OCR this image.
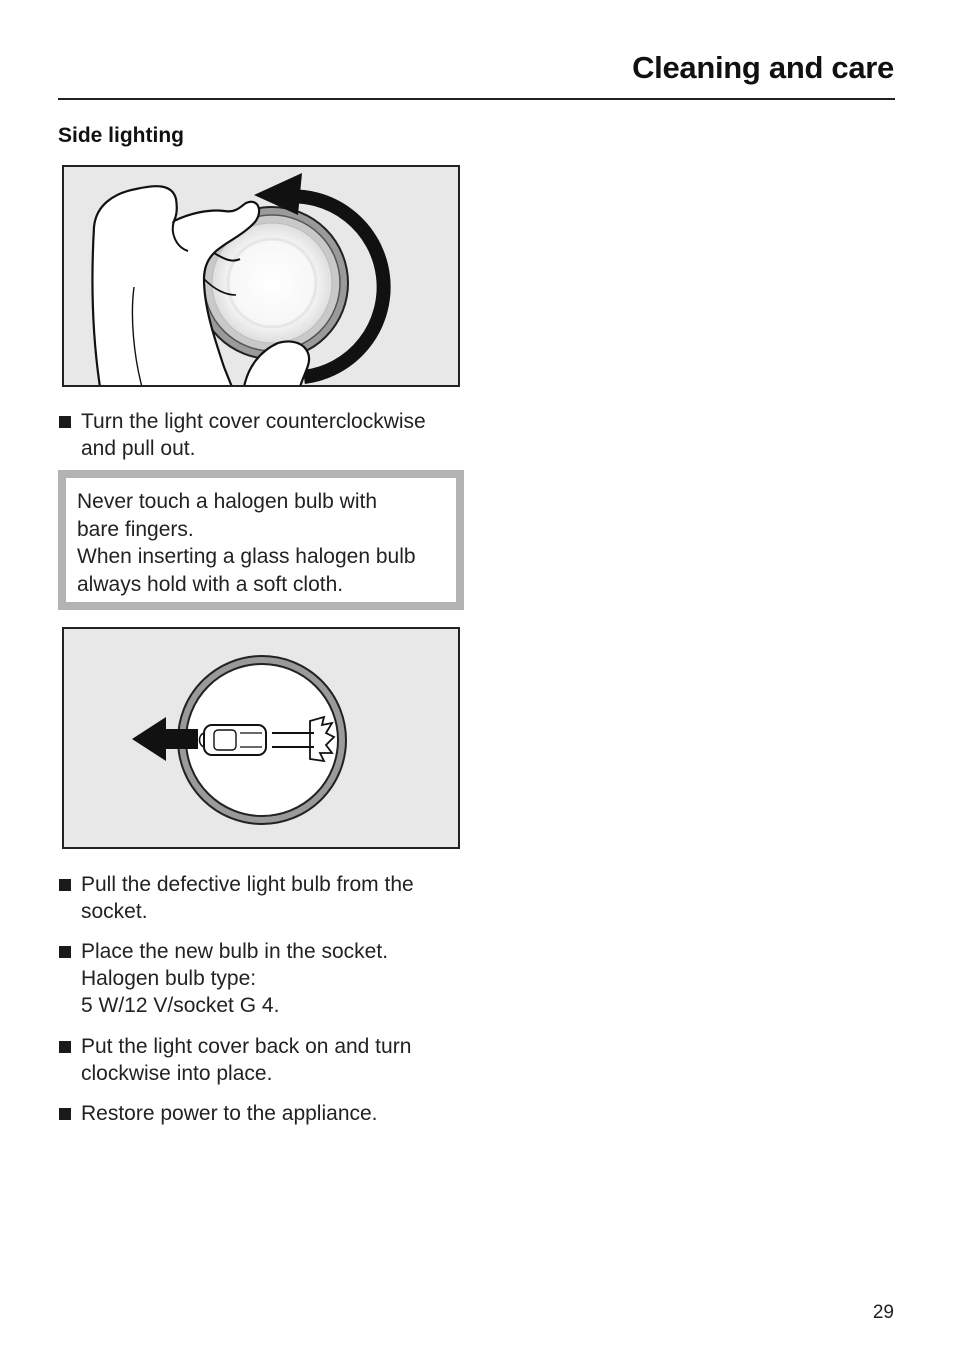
Cleaning and care
Side lighting
Turn the light cover counterclockwise
and pull out.
Never touch a halogen bulb with
bare fingers.
When inserting a glass halogen bulb
always hold with a soft cloth.
Pull the defective light bulb from the
socket.
Place the new bulb in the socket.
Halogen bulb type:
5 W/12 V/socket G 4.
Put the light cover back on and turn
clockwise into place.
Restore power to the appliance.
29
